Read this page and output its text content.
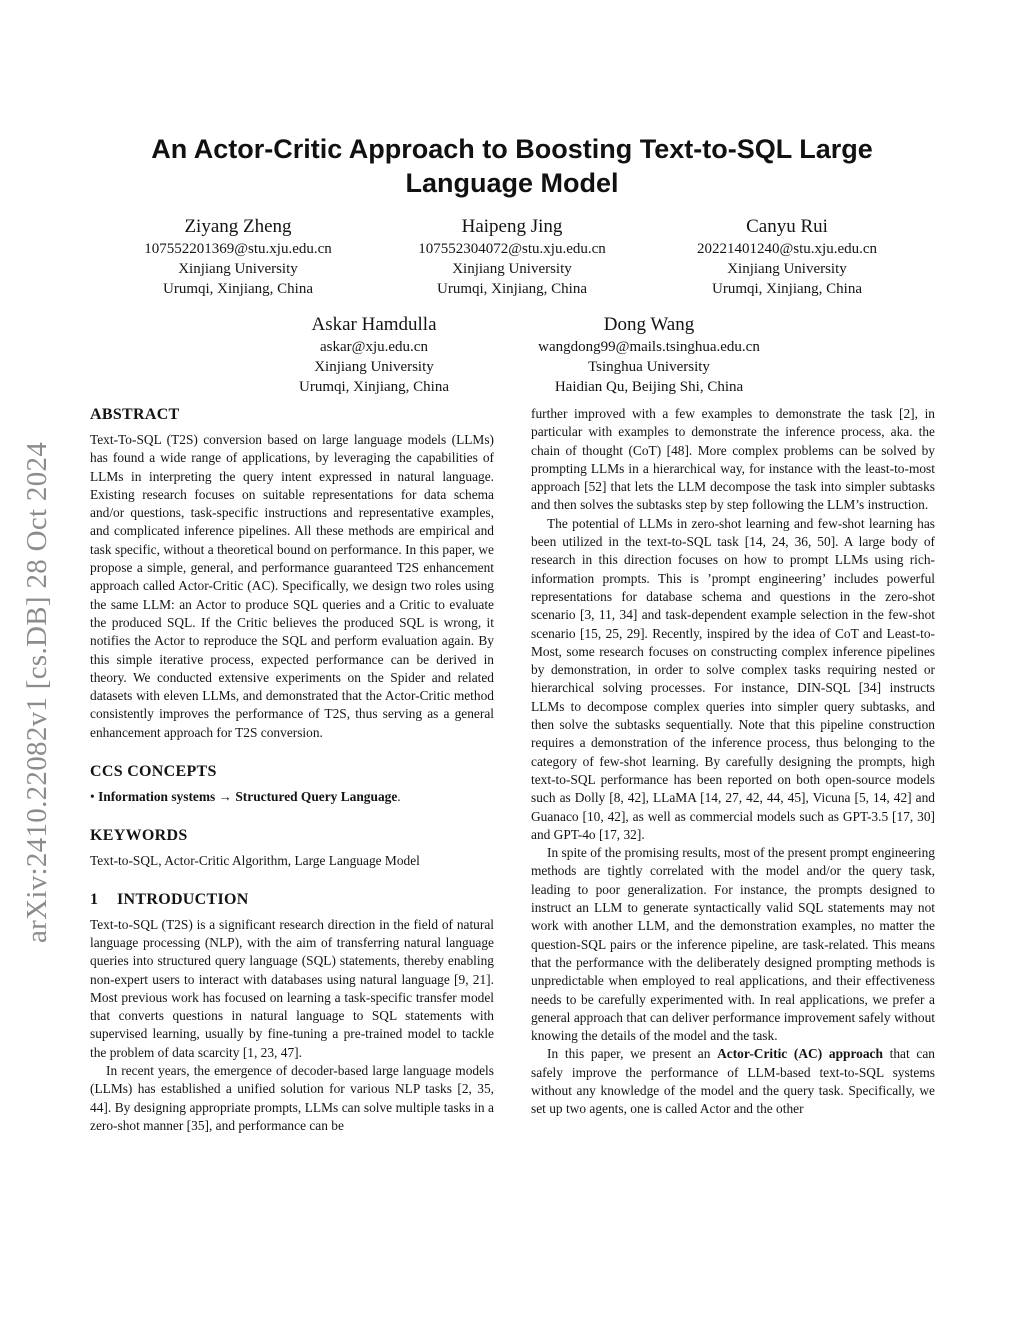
arXiv:2410.22082v1 [cs.DB] 28 Oct 2024
An Actor-Critic Approach to Boosting Text-to-SQL Large
Language Model
Ziyang Zheng
107552201369@stu.xju.edu.cn
Xinjiang University
Urumqi, Xinjiang, China
Haipeng Jing
107552304072@stu.xju.edu.cn
Xinjiang University
Urumqi, Xinjiang, China
Canyu Rui
20221401240@stu.xju.edu.cn
Xinjiang University
Urumqi, Xinjiang, China
Askar Hamdulla
askar@xju.edu.cn
Xinjiang University
Urumqi, Xinjiang, China
Dong Wang
wangdong99@mails.tsinghua.edu.cn
Tsinghua University
Haidian Qu, Beijing Shi, China
ABSTRACT

Text-To-SQL (T2S) conversion based on large language models (LLMs) has found a wide range of applications, by leveraging the capabilities of LLMs in interpreting the query intent expressed in natural language. Existing research focuses on suitable representations for data schema and/or questions, task-specific instructions and representative examples, and complicated inference pipelines. All these methods are empirical and task specific, without a theoretical bound on performance. In this paper, we propose a simple, general, and performance guaranteed T2S enhancement approach called Actor-Critic (AC). Specifically, we design two roles using the same LLM: an Actor to produce SQL queries and a Critic to evaluate the produced SQL. If the Critic believes the produced SQL is wrong, it notifies the Actor to reproduce the SQL and perform evaluation again. By this simple iterative process, expected performance can be derived in theory. We conducted extensive experiments on the Spider and related datasets with eleven LLMs, and demonstrated that the Actor-Critic method consistently improves the performance of T2S, thus serving as a general enhancement approach for T2S conversion.

CCS CONCEPTS

• Information systems → Structured Query Language.

KEYWORDS

Text-to-SQL, Actor-Critic Algorithm, Large Language Model

1 INTRODUCTION

Text-to-SQL (T2S) is a significant research direction in the field of natural language processing (NLP), with the aim of transferring natural language queries into structured query language (SQL) statements, thereby enabling non-expert users to interact with databases using natural language [9, 21]. Most previous work has focused on learning a task-specific transfer model that converts questions in natural language to SQL statements with supervised learning, usually by fine-tuning a pre-trained model to tackle the problem of data scarcity [1, 23, 47].

In recent years, the emergence of decoder-based large language models (LLMs) has established a unified solution for various NLP tasks [2, 35, 44]. By designing appropriate prompts, LLMs can solve multiple tasks in a zero-shot manner [35], and performance can be

further improved with a few examples to demonstrate the task [2], in particular with examples to demonstrate the inference process, aka. the chain of thought (CoT) [48]. More complex problems can be solved by prompting LLMs in a hierarchical way, for instance with the least-to-most approach [52] that lets the LLM decompose the task into simpler subtasks and then solves the subtasks step by step following the LLM’s instruction.

The potential of LLMs in zero-shot learning and few-shot learning has been utilized in the text-to-SQL task [14, 24, 36, 50]. A large body of research in this direction focuses on how to prompt LLMs using rich-information prompts. This is ’prompt engineering’ includes powerful representations for database schema and questions in the zero-shot scenario [3, 11, 34] and task-dependent example selection in the few-shot scenario [15, 25, 29]. Recently, inspired by the idea of CoT and Least-to-Most, some research focuses on constructing complex inference pipelines by demonstration, in order to solve complex tasks requiring nested or hierarchical solving processes. For instance, DIN-SQL [34] instructs LLMs to decompose complex queries into simpler query subtasks, and then solve the subtasks sequentially. Note that this pipeline construction requires a demonstration of the inference process, thus belonging to the category of few-shot learning. By carefully designing the prompts, high text-to-SQL performance has been reported on both open-source models such as Dolly [8, 42], LLaMA [14, 27, 42, 44, 45], Vicuna [5, 14, 42] and Guanaco [10, 42], as well as commercial models such as GPT-3.5 [17, 30] and GPT-4o [17, 32].

In spite of the promising results, most of the present prompt engineering methods are tightly correlated with the model and/or the query task, leading to poor generalization. For instance, the prompts designed to instruct an LLM to generate syntactically valid SQL statements may not work with another LLM, and the demonstration examples, no matter the question-SQL pairs or the inference pipeline, are task-related. This means that the performance with the deliberately designed prompting methods is unpredictable when employed to real applications, and their effectiveness needs to be carefully experimented with. In real applications, we prefer a general approach that can deliver performance improvement safely without knowing the details of the model and the task.

In this paper, we present an Actor-Critic (AC) approach that can safely improve the performance of LLM-based text-to-SQL systems without any knowledge of the model and the query task. Specifically, we set up two agents, one is called Actor and the other
